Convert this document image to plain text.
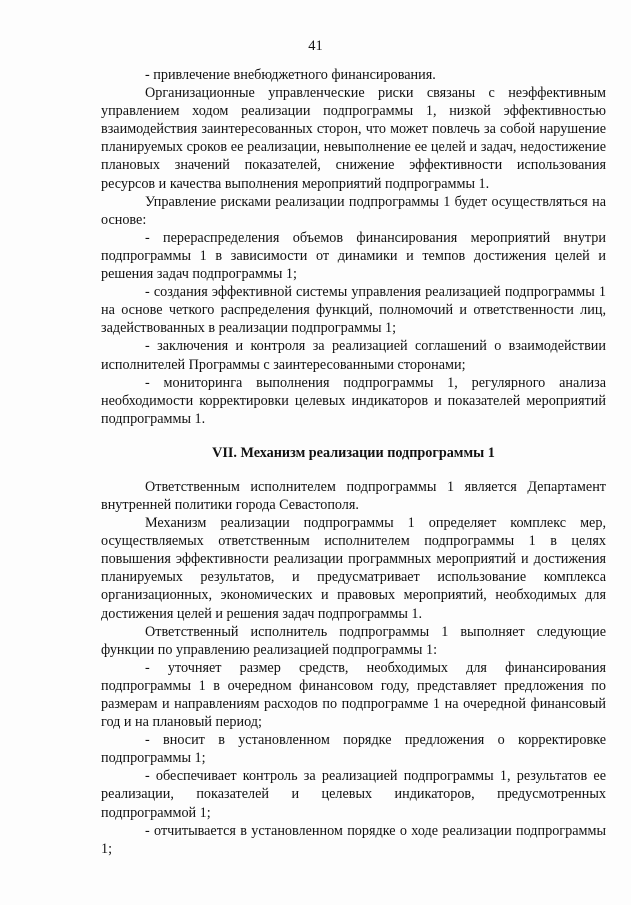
41

- привлечение внебюджетного финансирования.

Организационные управленческие риски связаны с неэффективным управлением ходом реализации подпрограммы 1, низкой эффективностью взаимодействия заинтересованных сторон, что может повлечь за собой нарушение планируемых сроков ее реализации, невыполнение ее целей и задач, недостижение плановых значений показателей, снижение эффективности использования ресурсов и качества выполнения мероприятий подпрограммы 1.

Управление рисками реализации подпрограммы 1 будет осуществляться на основе:

- перераспределения объемов финансирования мероприятий внутри подпрограммы 1 в зависимости от динамики и темпов достижения целей и решения задач подпрограммы 1;
- создания эффективной системы управления реализацией подпрограммы 1 на основе четкого распределения функций, полномочий и ответственности лиц, задействованных в реализации подпрограммы 1;
- заключения и контроля за реализацией соглашений о взаимодействии исполнителей Программы с заинтересованными сторонами;
- мониторинга выполнения подпрограммы 1, регулярного анализа необходимости корректировки целевых индикаторов и показателей мероприятий подпрограммы 1.
VII. Механизм реализации подпрограммы 1

Ответственным исполнителем подпрограммы 1 является Департамент внутренней политики города Севастополя.

Механизм реализации подпрограммы 1 определяет комплекс мер, осуществляемых ответственным исполнителем подпрограммы 1 в целях повышения эффективности реализации программных мероприятий и достижения планируемых результатов, и предусматривает использование комплекса организационных, экономических и правовых мероприятий, необходимых для достижения целей и решения задач подпрограммы 1.

Ответственный исполнитель подпрограммы 1 выполняет следующие функции по управлению реализацией подпрограммы 1:

- уточняет размер средств, необходимых для финансирования подпрограммы 1 в очередном финансовом году, представляет предложения по размерам и направлениям расходов по подпрограмме 1 на очередной финансовый год и на плановый период;
- вносит в установленном порядке предложения о корректировке подпрограммы 1;
- обеспечивает контроль за реализацией подпрограммы 1, результатов ее реализации, показателей и целевых индикаторов, предусмотренных подпрограммой 1;
- отчитывается в установленном порядке о ходе реализации подпрограммы 1;
